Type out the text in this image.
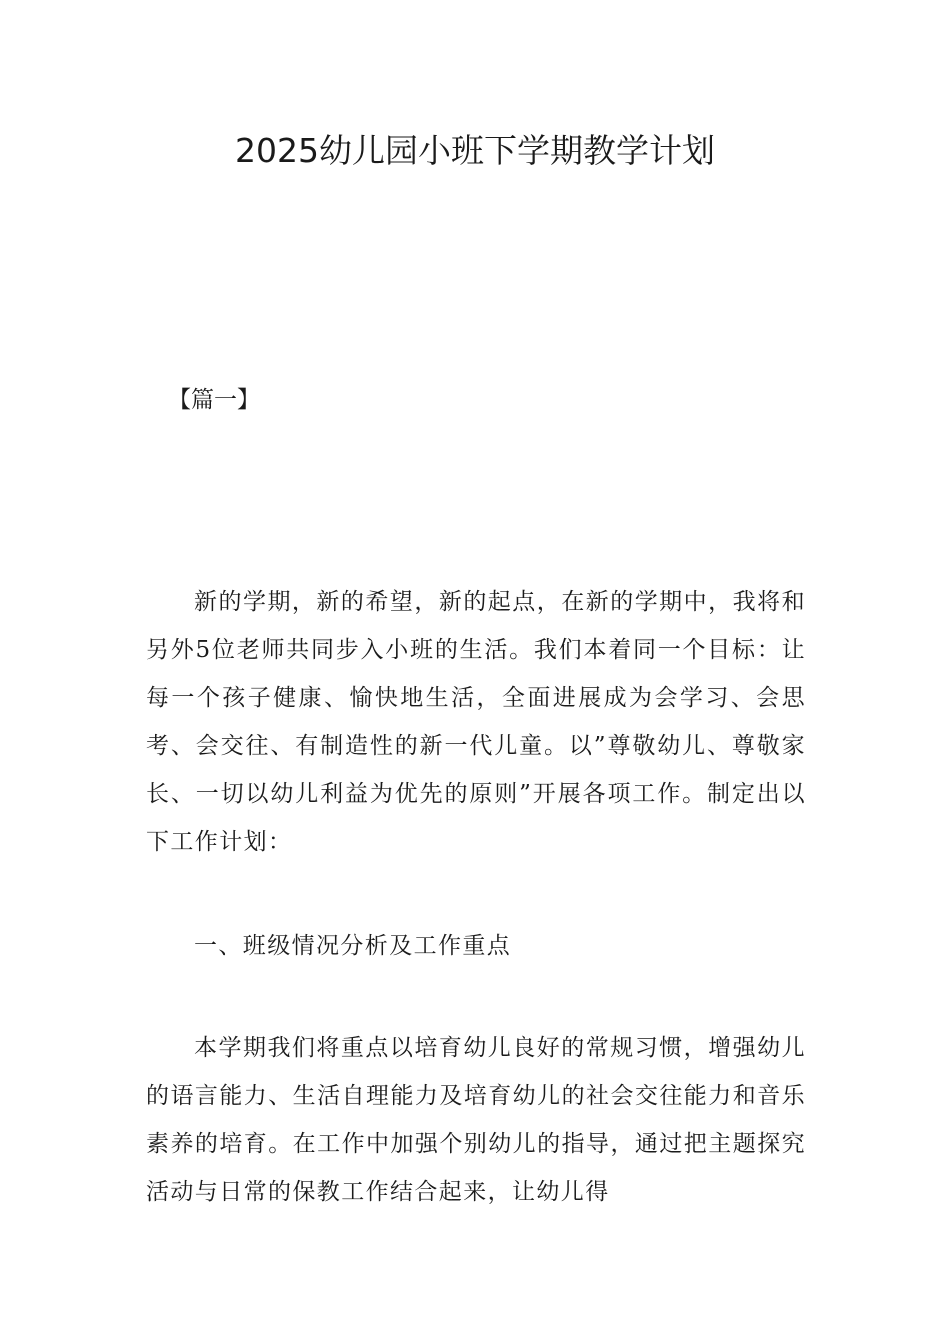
2025幼儿园小班下学期教学计划

【篇一】

新的学期，新的希望，新的起点，在新的学期中，我将和另外5位老师共同步入小班的生活。我们本着同一个目标：让每一个孩子健康、愉快地生活，全面进展成为会学习、会思考、会交往、有制造性的新一代儿童。以”尊敬幼儿、尊敬家长、一切以幼儿利益为优先的原则”开展各项工作。制定出以下工作计划：

一、班级情况分析及工作重点

本学期我们将重点以培育幼儿良好的常规习惯，增强幼儿的语言能力、生活自理能力及培育幼儿的社会交往能力和音乐素养的培育。在工作中加强个别幼儿的指导，通过把主题探究活动与日常的保教工作结合起来，让幼儿得
